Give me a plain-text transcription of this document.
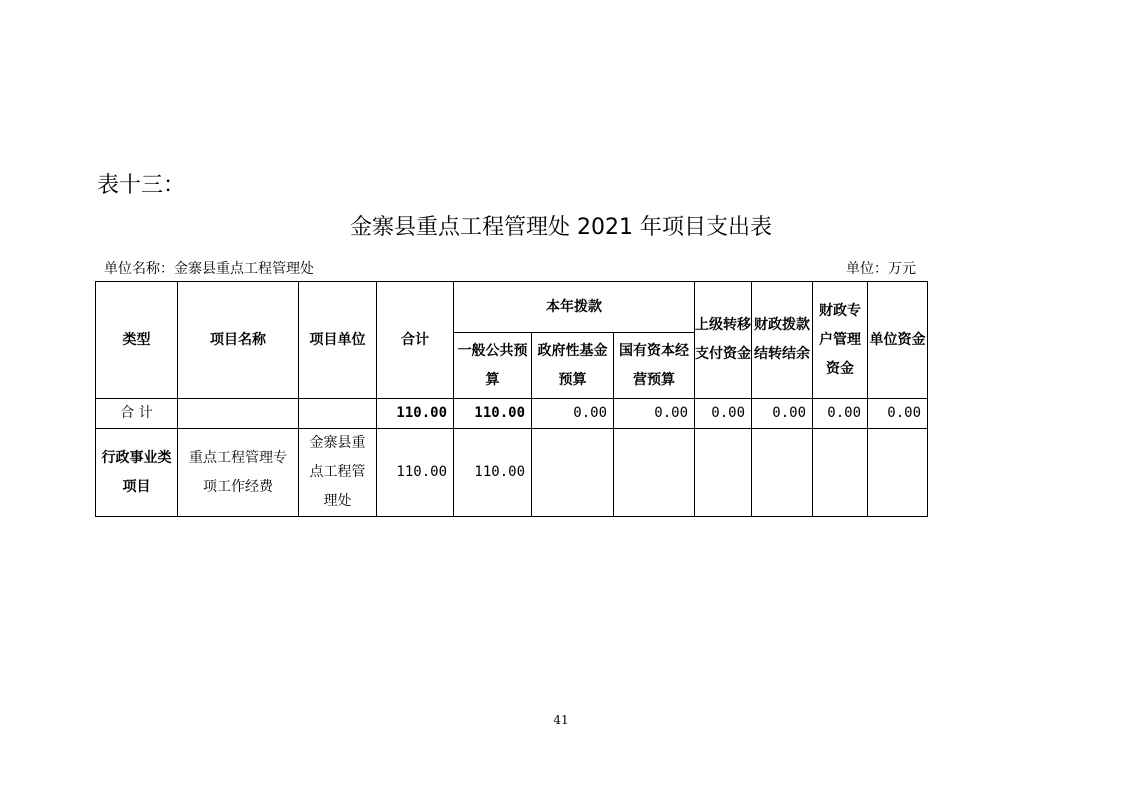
表十三：
金寨县重点工程管理处 2021 年项目支出表
单位名称：金寨县重点工程管理处	单位：万元
类型	项目名称	项目单位	合计	本年拨款			上级转移支付资金	财政拨款结转结余	财政专户管理资金	单位资金
				一般公共预算	政府性基金预算	国有资本经营预算				
合 计			110.00	110.00	0.00	0.00	0.00	0.00	0.00	0.00
行政事业类项目	重点工程管理专项工作经费	金寨县重点工程管理处	110.00	110.00						
41
